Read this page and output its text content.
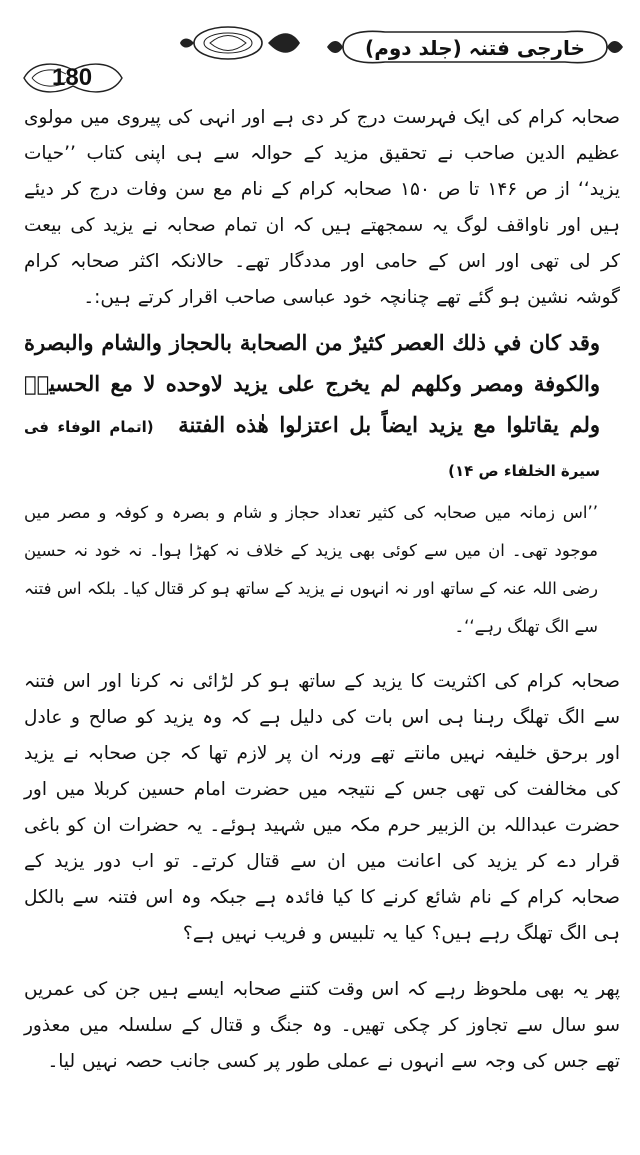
180
خارجی فتنہ (جلد دوم)

صحابہ کرام کی ایک فہرست درج کر دی ہے اور انہی کی پیروی میں مولوی عظیم الدین صاحب نے تحقیق مزید کے حوالہ سے ہی اپنی کتاب ’’حیات یزید‘‘ از ص ۱۴۶ تا ص ۱۵۰ صحابہ کرام کے نام مع سن وفات درج کر دیئے ہیں اور ناواقف لوگ یہ سمجھتے ہیں کہ ان تمام صحابہ نے یزید کی بیعت کر لی تھی اور اس کے حامی اور مددگار تھے۔ حالانکہ اکثر صحابہ کرام گوشہ نشین ہو گئے تھے چنانچہ خود عباسی صاحب اقرار کرتے ہیں:۔

وقد كان في ذلك العصر كثيرٌ من الصحابة بالحجاز والشام والبصرة والكوفة ومصر وكلهم لم يخرج على يزيد لاوحده لا مع الحسينؓ ولم يقاتلوا مع يزيد ايضاً بل اعتزلوا هٰذه الفتنة (اتمام الوفاء فی سیرة الخلفاء ص ۱۴)

’’اس زمانہ میں صحابہ کی کثیر تعداد حجاز و شام و بصرہ و کوفہ و مصر میں موجود تھی۔ ان میں سے کوئی بھی یزید کے خلاف نہ کھڑا ہوا۔ نہ خود نہ حسین رضی اللہ عنہ کے ساتھ اور نہ انہوں نے یزید کے ساتھ ہو کر قتال کیا۔ بلکہ اس فتنہ سے الگ تھلگ رہے‘‘۔

صحابہ کرام کی اکثریت کا یزید کے ساتھ ہو کر لڑائی نہ کرنا اور اس فتنہ سے الگ تھلگ رہنا ہی اس بات کی دلیل ہے کہ وہ یزید کو صالح و عادل اور برحق خلیفہ نہیں مانتے تھے ورنہ ان پر لازم تھا کہ جن صحابہ نے یزید کی مخالفت کی تھی جس کے نتیجہ میں حضرت امام حسین کربلا میں اور حضرت عبداللہ بن الزبیر حرم مکہ میں شہید ہوئے۔ یہ حضرات ان کو باغی قرار دے کر یزید کی اعانت میں ان سے قتال کرتے۔ تو اب دور یزید کے صحابہ کرام کے نام شائع کرنے کا کیا فائدہ ہے جبکہ وہ اس فتنہ سے بالکل ہی الگ تھلگ رہے ہیں؟ کیا یہ تلبیس و فریب نہیں ہے؟

پھر یہ بھی ملحوظ رہے کہ اس وقت کتنے صحابہ ایسے ہیں جن کی عمریں سو سال سے تجاوز کر چکی تھیں۔ وہ جنگ و قتال کے سلسلہ میں معذور تھے جس کی وجہ سے انہوں نے عملی طور پر کسی جانب حصہ نہیں لیا۔
